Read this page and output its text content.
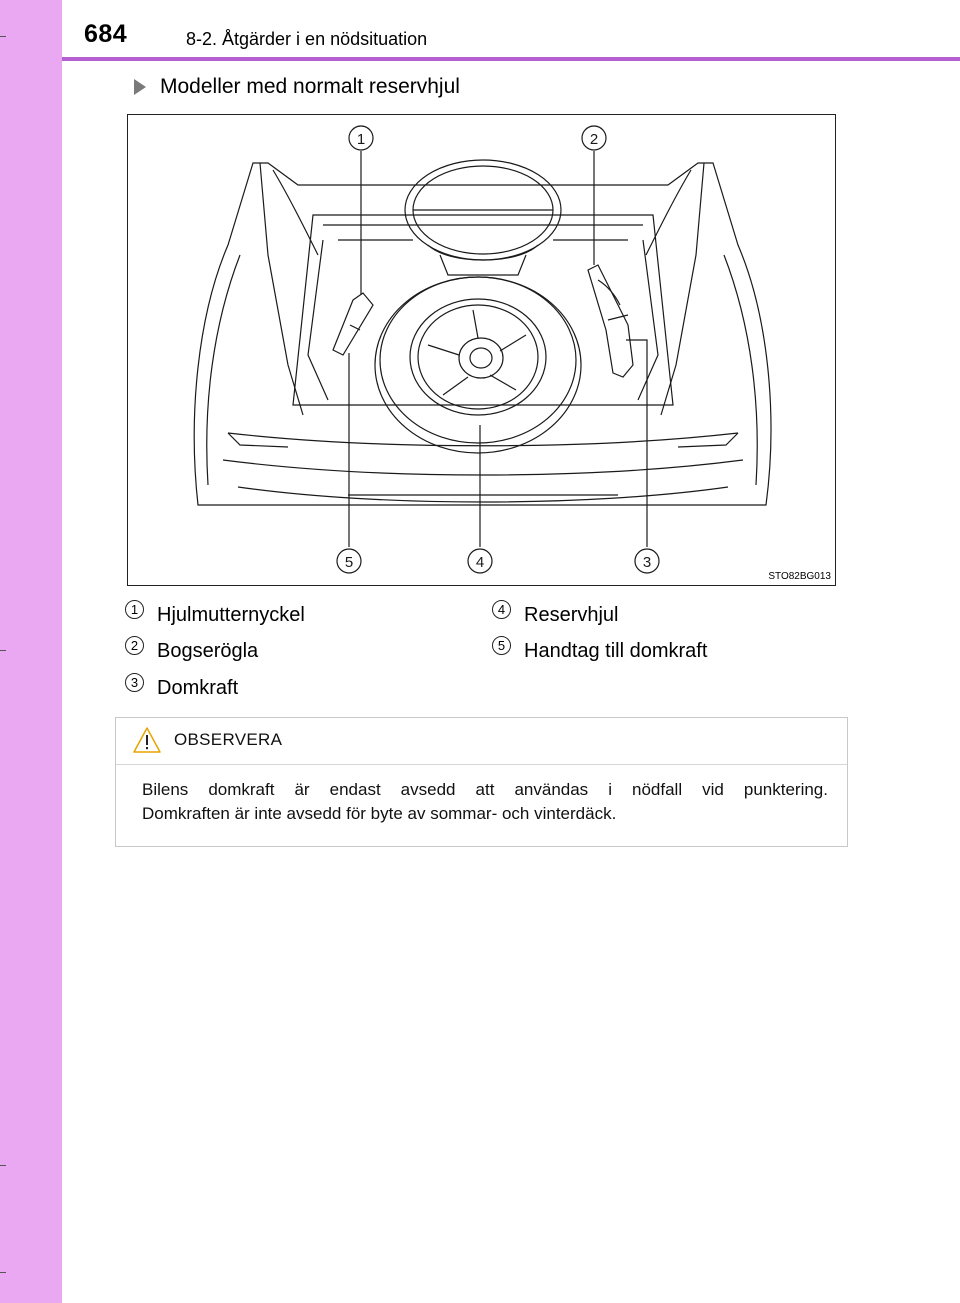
684	8-2. Åtgärder i en nödsituation
Modeller med normalt reservhjul
1	2
3
4
5
STO82BG013
1 Hjulmutternyckel
2 Bogserögla
3 Domkraft
4 Reservhjul
5 Handtag till domkraft
OBSERVERA
Bilens domkraft är endast avsedd att användas i nödfall vid punktering.
Domkraften är inte avsedd för byte av sommar- och vinterdäck.
